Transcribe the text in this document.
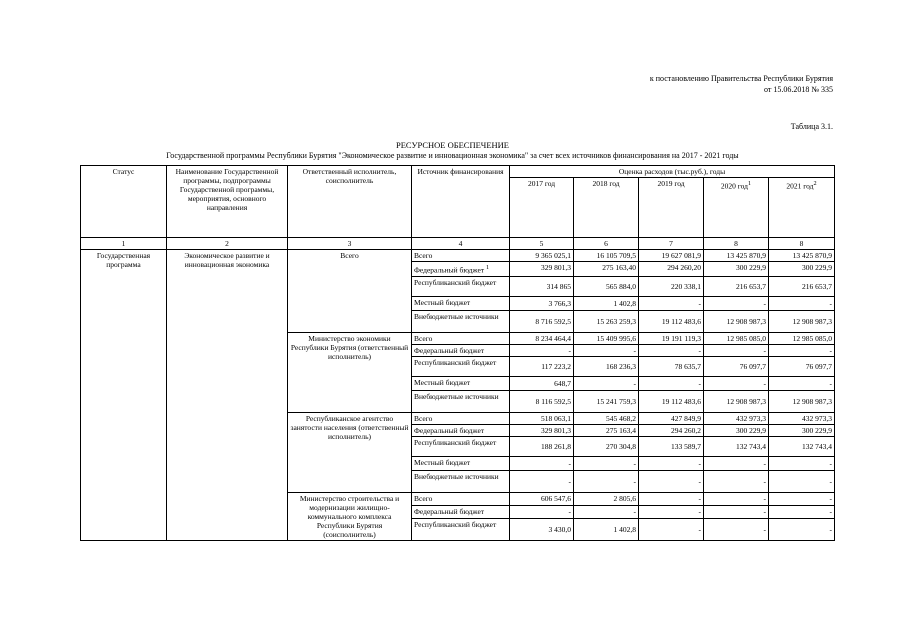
к постановлению Правительства Республики Бурятия
от 15.06.2018 № 335
Таблица 3.1.
РЕСУРСНОЕ ОБЕСПЕЧЕНИЕ
Государственной программы Республики Бурятия "Экономическое развитие и инновационная экономика" за счет всех источников финансирования на 2017 - 2021 годы
Статус	Наименование Государственной программы, подпрограммы Государственной программы, мероприятия, основного направления	Ответственный исполнитель, соисполнитель	Источник финансирования	Оценка расходов (тыс.руб.), годы				
				2017 год	2018 год	2019 год	2020 год$^1$	2021 год$^2$
1	2	3	4	5	6	7	8	8
Государственная программа	Экономическое развитие и инновационная экономика	Всего	Всего	9 365 025,1	16 105 709,5	19 627 081,9	13 425 870,9	13 425 870,9
			Федеральный бюджет $^1$	329 801,3	275 163,40	294 260,20	300 229,9	300 229,9
			Республиканский бюджет	314 865	565 884,0	220 338,1	216 653,7	216 653,7
			Местный бюджет	3 766,3	1 402,8	-	-	-
			Внебюджетные источники	8 716 592,5	15 263 259,3	19 112 483,6	12 908 987,3	12 908 987,3
		Министерство экономики Республики Бурятия (ответственный исполнитель)	Всего	8 234 464,4	15 409 995,6	19 191 119,3	12 985 085,0	12 985 085,0
			Федеральный бюджет	-	-	-	-	-
			Республиканский бюджет	117 223,2	168 236,3	78 635,7	76 097,7	76 097,7
			Местный бюджет	648,7	-	-	-	-
			Внебюджетные источники	8 116 592,5	15 241 759,3	19 112 483,6	12 908 987,3	12 908 987,3
		Республиканское агентство занятости населения (ответственный исполнитель)	Всего	518 063,1	545 468,2	427 849,9	432 973,3	432 973,3
			Федеральный бюджет	329 801,3	275 163,4	294 260,2	300 229,9	300 229,9
			Республиканский бюджет	188 261,8	270 304,8	133 589,7	132 743,4	132 743,4
			Местный бюджет	-	-	-	-	-
			Внебюджетные источники	-	-	-	-	-
		Министерство строительства и модернизации жилищно-коммунального комплекса Республики Бурятия (соисполнитель)	Всего	606 547,6	2 805,6	-	-	-
			Федеральный бюджет	-	-	-	-	-
			Республиканский бюджет	3 430,0	1 402,8	-	-	-
